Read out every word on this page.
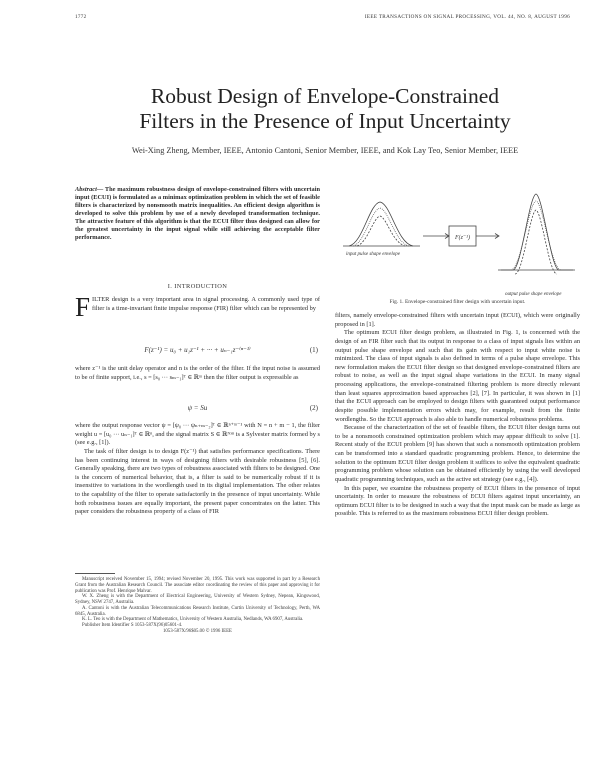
1772	IEEE TRANSACTIONS ON SIGNAL PROCESSING, VOL. 44, NO. 8, AUGUST 1996
Robust Design of Envelope-Constrained
Filters in the Presence of Input Uncertainty
Wei-Xing Zheng, Member, IEEE, Antonio Cantoni, Senior Member, IEEE, and Kok Lay Teo, Senior Member, IEEE
Abstract— The maximum robustness design of envelope-constrained filters with uncertain input (ECUI) is formulated as a minimax optimization problem in which the set of feasible filters is characterized by nonsmooth matrix inequalities. An efficient design algorithm is developed to solve this problem by use of a newly developed transformation technique. The attractive feature of this algorithm is that the ECUI filter thus designed can allow for the greatest uncertainty in the input signal while still achieving the acceptable filter performance.
I. INTRODUCTION

FILTER design is a very important area in signal processing. A commonly used type of filter is a time-invariant finite impulse response (FIR) filter which can be represented by

F(z⁻¹) = u₀ + u₁z⁻¹ + ··· + uₙ₋₁z⁻⁽ⁿ⁻¹⁾	(1)

where z⁻¹ is the unit delay operator and n is the order of the filter. If the input noise is assumed to be of finite support, i.e., s = [s₀ ··· sₘ₋₁]ᵀ ∈ ℝᵐ then the filter output is expressible as

ψ = Su	(2)

where the output response vector ψ = [ψ₀ ··· ψₙ₊ₘ₋₂]ᵀ ∈ ℝⁿ⁺ᵐ⁻¹ with N = n + m − 1, the filter weight u = [u₀ ··· uₙ₋₁]ᵀ ∈ ℝⁿ, and the signal matrix S ∈ ℝᴺˣⁿ is a Sylvester matrix formed by s (see e.g., [1]).

The task of filter design is to design F(z⁻¹) that satisfies performance specifications. There has been continuing interest in ways of designing filters with desirable robustness [5], [6]. Generally speaking, there are two types of robustness associated with filters to be designed. One is the concern of numerical behavior, that is, a filter is said to be numerically robust if it is insensitive to variations in the wordlength used in its digital implementation. The other relates to the capability of the filter to operate satisfactorily in the presence of input uncertainty. While both robustness issues are equally important, the present paper concentrates on the latter. This paper considers the robustness property of a class of FIR

Manuscript received November 15, 1994; revised November 20, 1995. This work was supported in part by a Research Grant from the Australian Research Council. The associate editor coordinating the review of this paper and approving it for publication was Prof. Henrique Malvar.

W. X. Zheng is with the Department of Electrical Engineering, University of Western Sydney, Nepean, Kingswood, Sydney, NSW 2747, Australia.

A. Cantoni is with the Australian Telecommunications Research Institute, Curtin University of Technology, Perth, WA 6845, Australia.

K. L. Teo is with the Department of Mathematics, University of Western Australia, Nedlands, WA 6907, Australia.

Publisher Item Identifier S 1053-587X(96)05601-4.

1053-587X/96$05.00 © 1996 IEEE

F(z⁻¹)
input pulse shape envelope
output pulse shape envelope
Fig. 1. Envelope-constrained filter design with uncertain input.

filters, namely envelope-constrained filters with uncertain input (ECUI), which were originally proposed in [1].

The optimum ECUI filter design problem, as illustrated in Fig. 1, is concerned with the design of an FIR filter such that its output in response to a class of input signals lies within an output pulse shape envelope and such that its gain with respect to input white noise is minimized. The class of input signals is also defined in terms of a pulse shape envelope. This new formulation makes the ECUI filter design so that designed envelope-constrained filters are robust to noise, as well as the input signal shape variations in the ECUI. In many signal processing applications, the envelope-constrained filtering problem is more directly relevant than least squares approximation based approaches [2], [7]. In particular, it was shown in [1] that the ECUI approach can be employed to design filters with guaranteed output performance despite possible implementation errors which may, for example, result from the finite wordlengths. So the ECUI approach is also able to handle numerical robustness problems.

Because of the characterization of the set of feasible filters, the ECUI filter design turns out to be a nonsmooth constrained optimization problem which may appear difficult to solve [1]. Recent study of the ECUI problem [9] has shown that such a nonsmooth optimization problem can be transformed into a standard quadratic programming problem. Hence, to determine the solution to the optimum ECUI filter design problem it suffices to solve the equivalent quadratic programming problem whose solution can be obtained efficiently by using the well developed quadratic programming techniques, such as the active set strategy (see e.g., [4]).

In this paper, we examine the robustness property of ECUI filters in the presence of input uncertainty. In order to measure the robustness of ECUI filters against input uncertainty, an optimum ECUI filter is to be designed in such a way that the input mask can be made as large as possible. This is referred to as the maximum robustness ECUI filter design problem.
